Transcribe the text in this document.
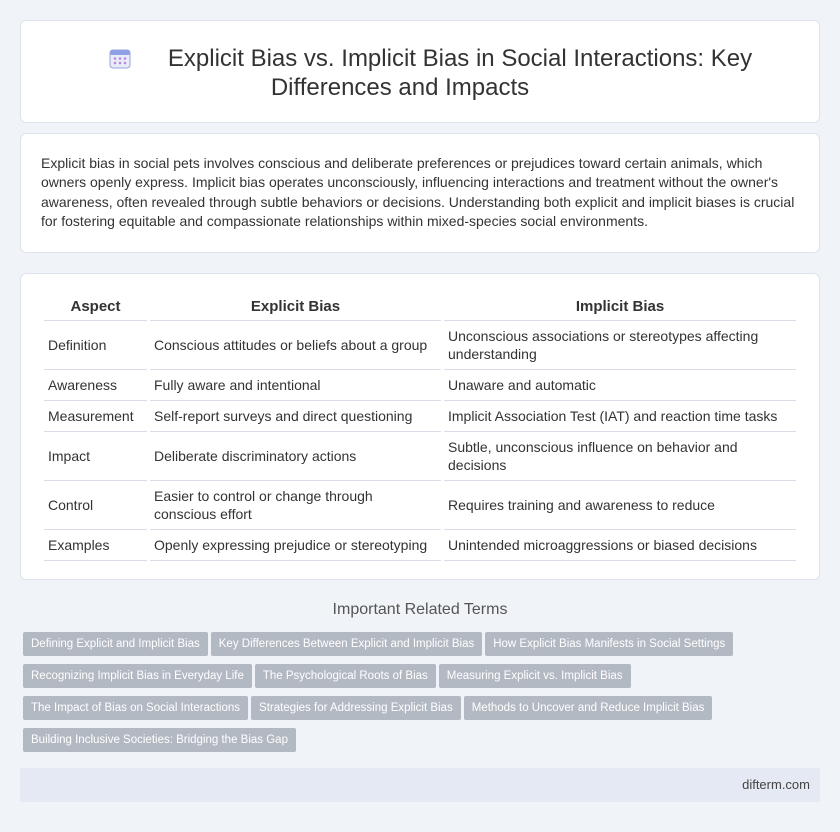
Explicit Bias vs. Implicit Bias in Social Interactions: Key
Differences and Impacts

Explicit bias in social pets involves conscious and deliberate preferences or prejudices toward certain animals, which owners openly express. Implicit bias operates unconsciously, influencing interactions and treatment without the owner's awareness, often revealed through subtle behaviors or decisions. Understanding both explicit and implicit biases is crucial for fostering equitable and compassionate relationships within mixed-species social environments.

Aspect	Explicit Bias	Implicit Bias
Definition	Conscious attitudes or beliefs about a group	Unconscious associations or stereotypes affecting understanding
Awareness	Fully aware and intentional	Unaware and automatic
Measurement	Self-report surveys and direct questioning	Implicit Association Test (IAT) and reaction time tasks
Impact	Deliberate discriminatory actions	Subtle, unconscious influence on behavior and decisions
Control	Easier to control or change through conscious effort	Requires training and awareness to reduce
Examples	Openly expressing prejudice or stereotyping	Unintended microaggressions or biased decisions
Important Related Terms
Defining Explicit and Implicit Bias Key Differences Between Explicit and Implicit Bias How Explicit Bias Manifests in Social Settings
Recognizing Implicit Bias in Everyday Life The Psychological Roots of Bias Measuring Explicit vs. Implicit Bias
The Impact of Bias on Social Interactions Strategies for Addressing Explicit Bias Methods to Uncover and Reduce Implicit Bias
Building Inclusive Societies: Bridging the Bias Gap
difterm.com
